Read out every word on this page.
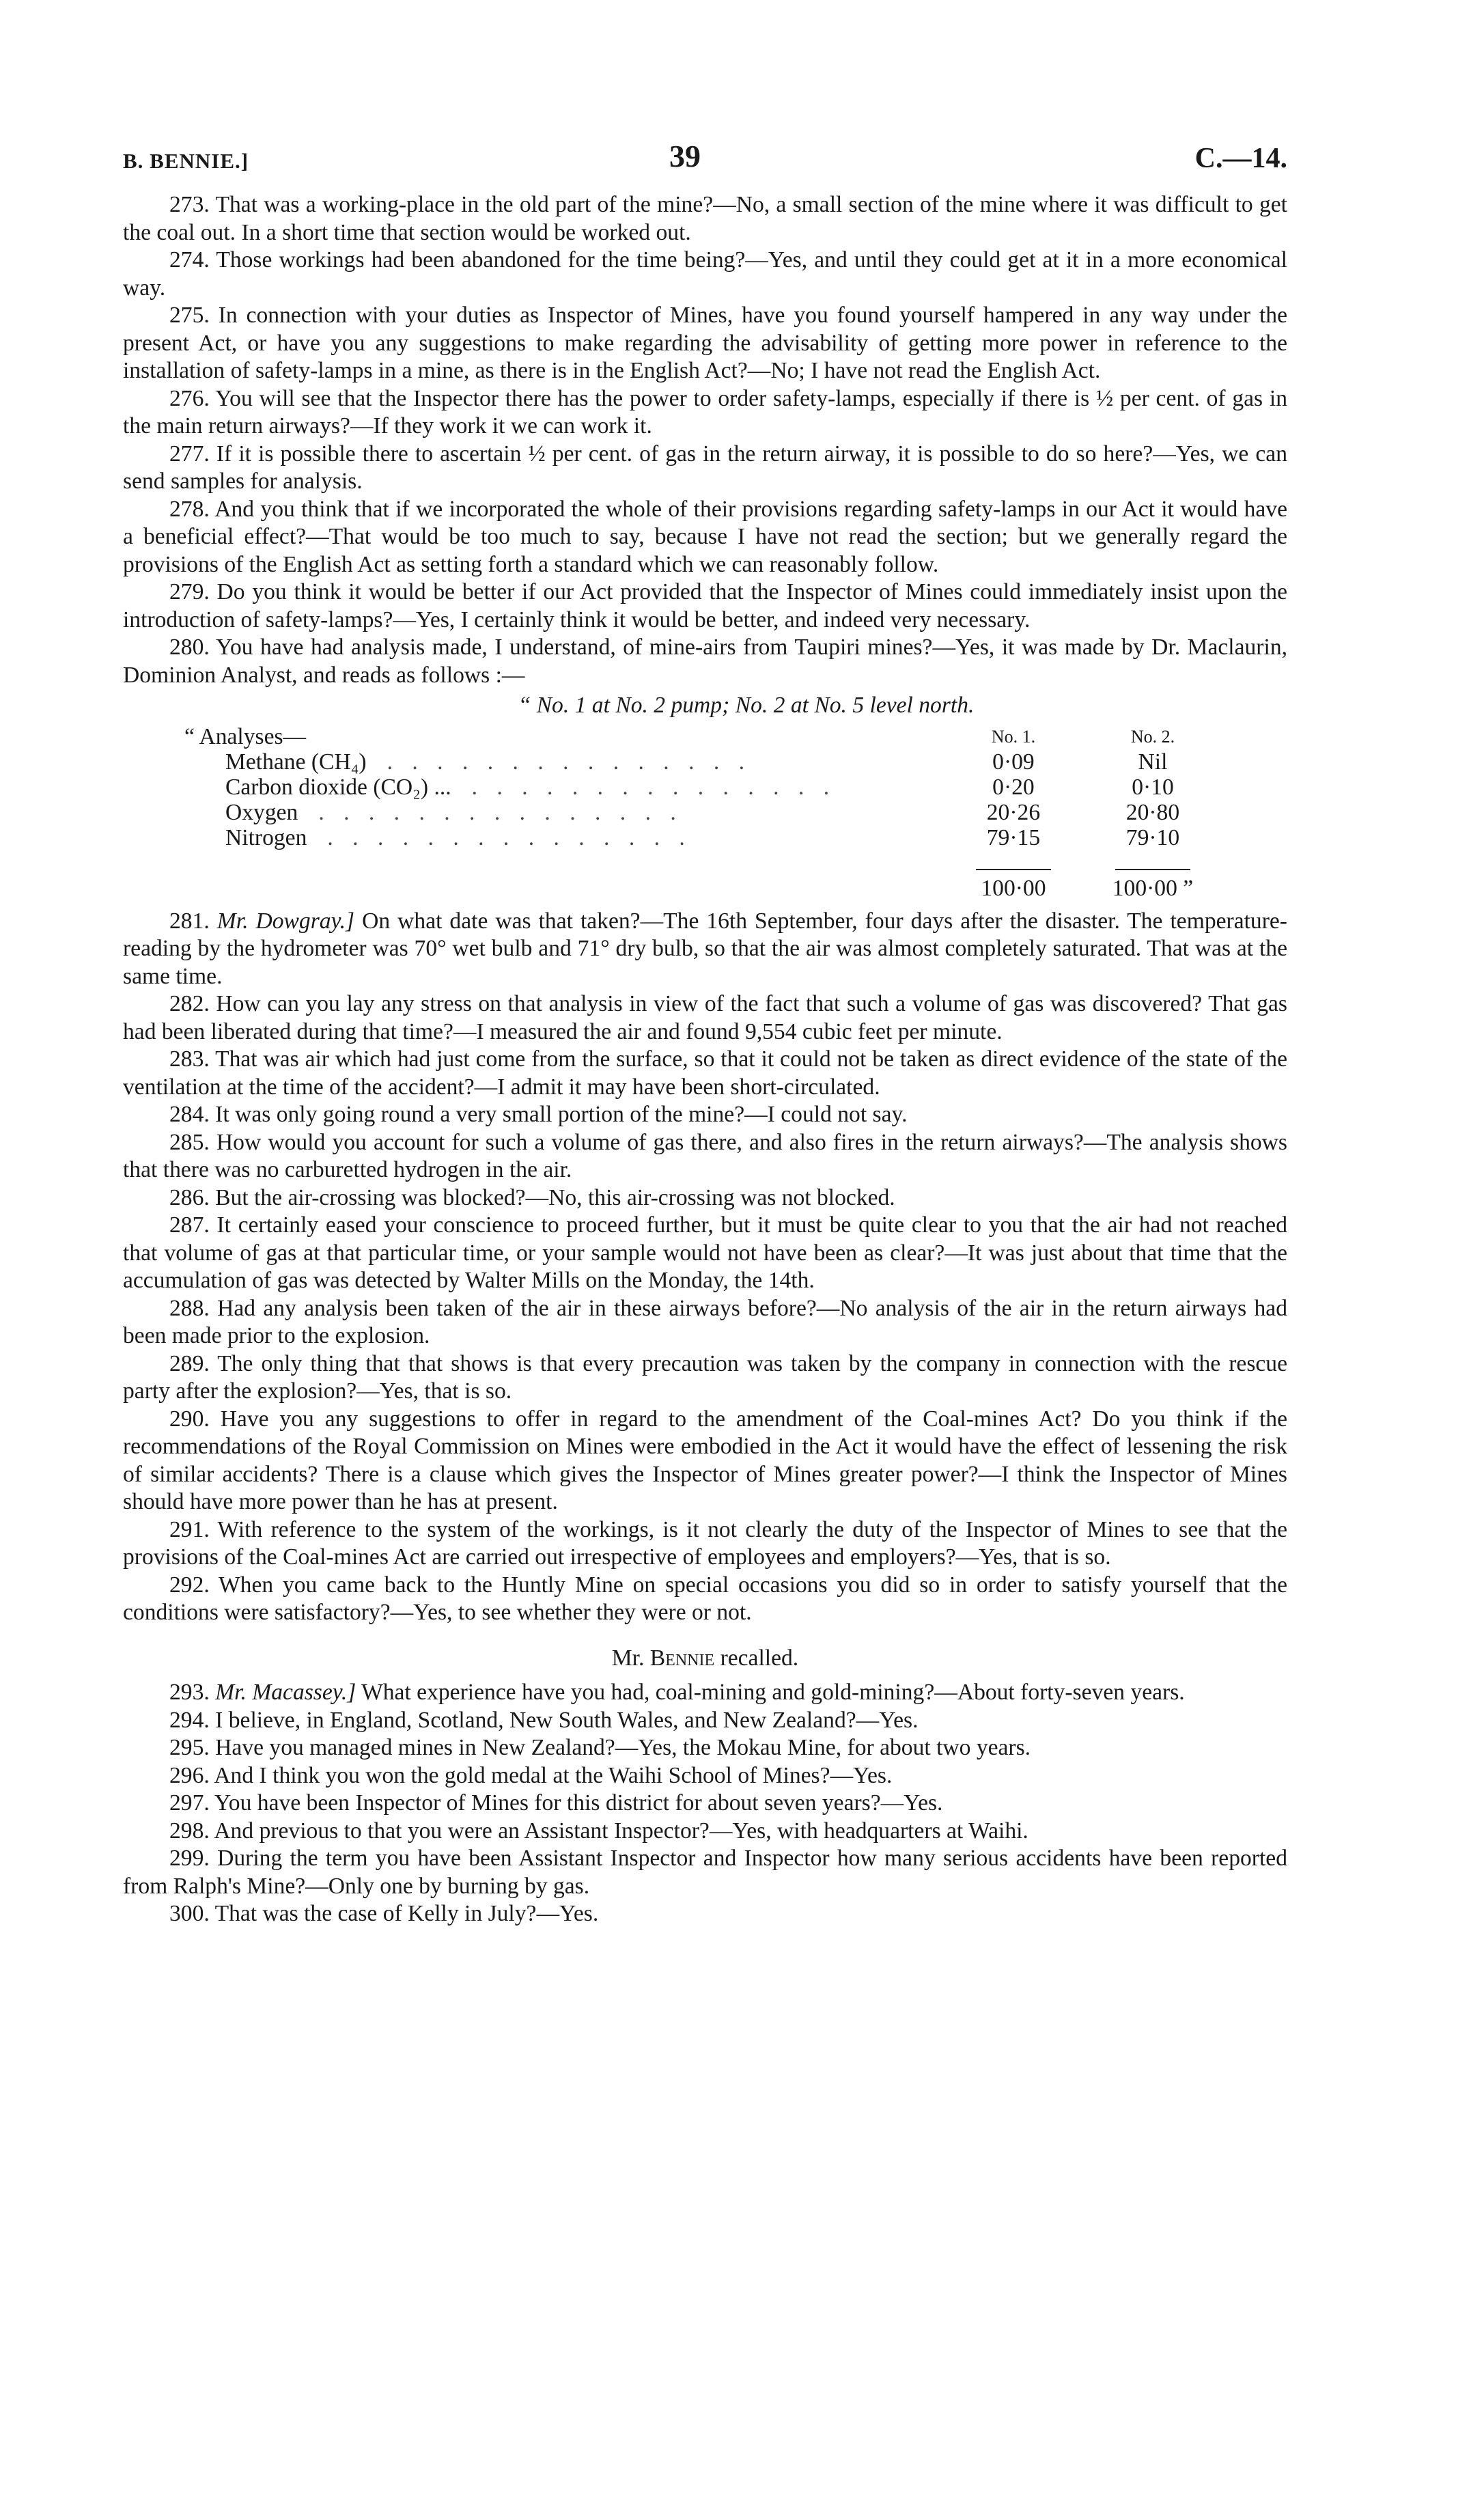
B. BENNIE.]	39	C.—14.

273. That was a working-place in the old part of the mine?—No, a small section of the mine where it was difficult to get the coal out. In a short time that section would be worked out.

274. Those workings had been abandoned for the time being?—Yes, and until they could get at it in a more economical way.

275. In connection with your duties as Inspector of Mines, have you found yourself hampered in any way under the present Act, or have you any suggestions to make regarding the advisability of getting more power in reference to the installation of safety-lamps in a mine, as there is in the English Act?—No; I have not read the English Act.

276. You will see that the Inspector there has the power to order safety-lamps, especially if there is ½ per cent. of gas in the main return airways?—If they work it we can work it.

277. If it is possible there to ascertain ½ per cent. of gas in the return airway, it is possible to do so here?—Yes, we can send samples for analysis.

278. And you think that if we incorporated the whole of their provisions regarding safety-lamps in our Act it would have a beneficial effect?—That would be too much to say, because I have not read the section; but we generally regard the provisions of the English Act as setting forth a standard which we can reasonably follow.

279. Do you think it would be better if our Act provided that the Inspector of Mines could immediately insist upon the introduction of safety-lamps?—Yes, I certainly think it would be better, and indeed very necessary.

280. You have had analysis made, I understand, of mine-airs from Taupiri mines?—Yes, it was made by Dr. Maclaurin, Dominion Analyst, and reads as follows :—

“ No. 1 at No. 2 pump; No. 2 at No. 5 level north.
“ Analyses—	No. 1.	No. 2.
Methane (CH₄) . . . . . . . . . . . . . . .	0·09	Nil
Carbon dioxide (CO₂) ... . . . . . . . . . . . . . . .	0·20	0·10
Oxygen . . . . . . . . . . . . . . .	20·26	20·80
Nitrogen . . . . . . . . . . . . . . .	79·15	79·10

	100·00	100·00 ”

281. Mr. Dowgray.] On what date was that taken?—The 16th September, four days after the disaster. The temperature-reading by the hydrometer was 70° wet bulb and 71° dry bulb, so that the air was almost completely saturated. That was at the same time.

282. How can you lay any stress on that analysis in view of the fact that such a volume of gas was discovered? That gas had been liberated during that time?—I measured the air and found 9,554 cubic feet per minute.

283. That was air which had just come from the surface, so that it could not be taken as direct evidence of the state of the ventilation at the time of the accident?—I admit it may have been short-circulated.

284. It was only going round a very small portion of the mine?—I could not say.

285. How would you account for such a volume of gas there, and also fires in the return airways?—The analysis shows that there was no carburetted hydrogen in the air.

286. But the air-crossing was blocked?—No, this air-crossing was not blocked.

287. It certainly eased your conscience to proceed further, but it must be quite clear to you that the air had not reached that volume of gas at that particular time, or your sample would not have been as clear?—It was just about that time that the accumulation of gas was detected by Walter Mills on the Monday, the 14th.

288. Had any analysis been taken of the air in these airways before?—No analysis of the air in the return airways had been made prior to the explosion.

289. The only thing that that shows is that every precaution was taken by the company in connection with the rescue party after the explosion?—Yes, that is so.

290. Have you any suggestions to offer in regard to the amendment of the Coal-mines Act? Do you think if the recommendations of the Royal Commission on Mines were embodied in the Act it would have the effect of lessening the risk of similar accidents? There is a clause which gives the Inspector of Mines greater power?—I think the Inspector of Mines should have more power than he has at present.

291. With reference to the system of the workings, is it not clearly the duty of the Inspector of Mines to see that the provisions of the Coal-mines Act are carried out irrespective of employees and employers?—Yes, that is so.

292. When you came back to the Huntly Mine on special occasions you did so in order to satisfy yourself that the conditions were satisfactory?—Yes, to see whether they were or not.

Mr. Bennie recalled.

293. Mr. Macassey.] What experience have you had, coal-mining and gold-mining?—About forty-seven years.

294. I believe, in England, Scotland, New South Wales, and New Zealand?—Yes.

295. Have you managed mines in New Zealand?—Yes, the Mokau Mine, for about two years.

296. And I think you won the gold medal at the Waihi School of Mines?—Yes.

297. You have been Inspector of Mines for this district for about seven years?—Yes.

298. And previous to that you were an Assistant Inspector?—Yes, with headquarters at Waihi.

299. During the term you have been Assistant Inspector and Inspector how many serious accidents have been reported from Ralph's Mine?—Only one by burning by gas.

300. That was the case of Kelly in July?—Yes.
